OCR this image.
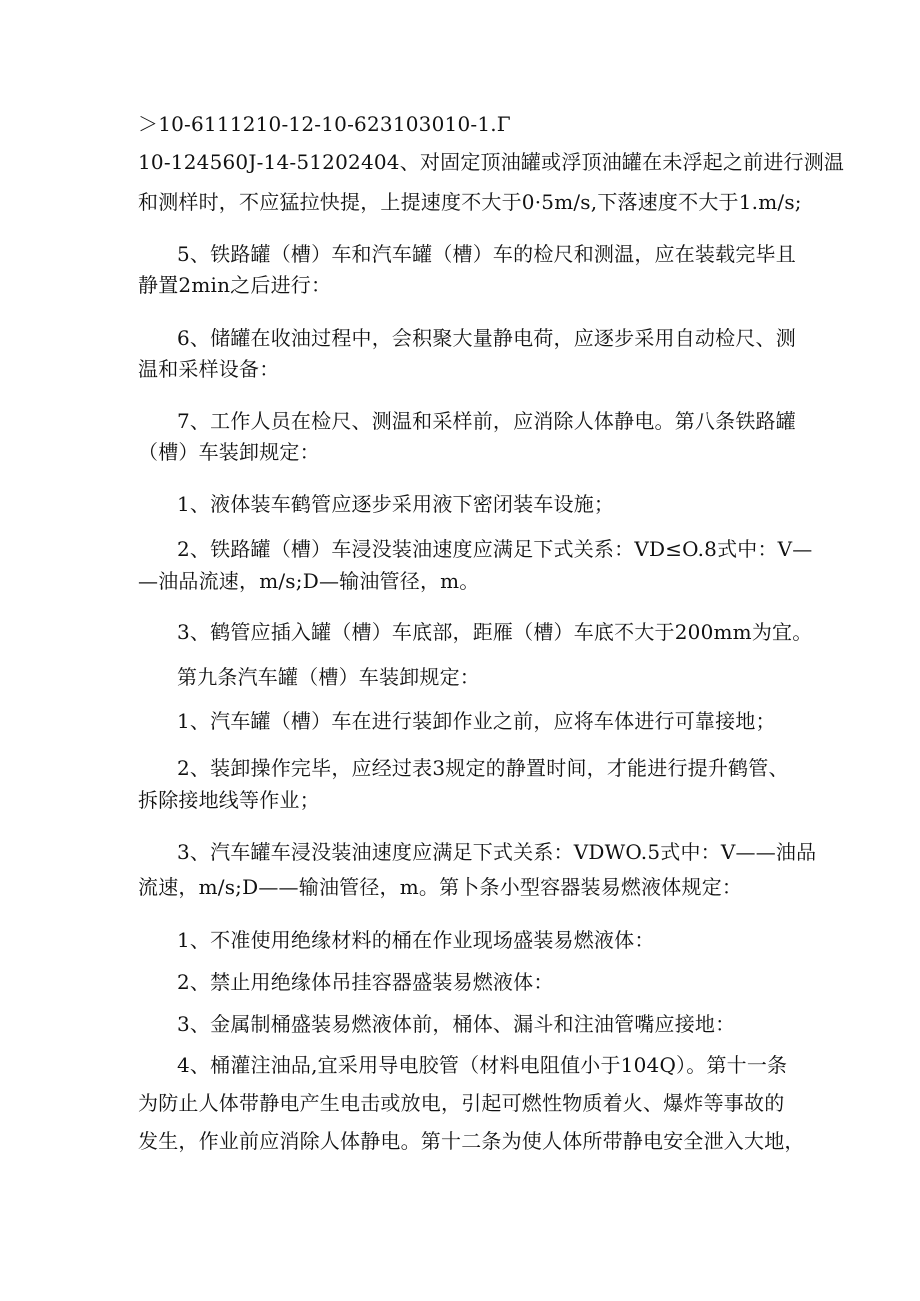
＞10-6111210-12-10-623103010-1.Γ
10-124560J-14-51202404、对固定顶油罐或浮顶油罐在未浮起之前进行测温
和测样时，不应猛拉快提，上提速度不大于0·5m∕s,下落速度不大于1.m∕s;
5、铁路罐（槽）车和汽车罐（槽）车的检尺和测温，应在装载完毕且
静置2min之后进行：
6、储罐在收油过程中，会积聚大量静电荷，应逐步采用自动检尺、测
温和采样设备：
7、工作人员在检尺、测温和采样前，应消除人体静电。第八条铁路罐
（槽）车装卸规定：
1、液体装车鹤管应逐步采用液下密闭装车设施；
2、铁路罐（槽）车浸没装油速度应满足下式关系：VD≤O.8式中：V—
—油品流速，m/s;D—输油管径，m。
3、鹤管应插入罐（槽）车底部，距雁（槽）车底不大于200mm为宜。
第九条汽车罐（槽）车装卸规定：
1、汽车罐（槽）车在进行装卸作业之前，应将车体进行可靠接地；
2、装卸操作完毕，应经过表3规定的静置时间，才能进行提升鹤管、
拆除接地线等作业；
3、汽车罐车浸没装油速度应满足下式关系：VDWO.5式中：V——油品
流速，m/s;D——输油管径，m。第卜条小型容器装易燃液体规定：
1、不准使用绝缘材料的桶在作业现场盛装易燃液体：
2、禁止用绝缘体吊挂容器盛装易燃液体：
3、金属制桶盛装易燃液体前，桶体、漏斗和注油管嘴应接地：
4、桶灌注油品,宜采用导电胶管（材料电阻值小于104Q）。第十一条
为防止人体带静电产生电击或放电，引起可燃性物质着火、爆炸等事故的
发生，作业前应消除人体静电。第十二条为使人体所带静电安全泄入大地，
